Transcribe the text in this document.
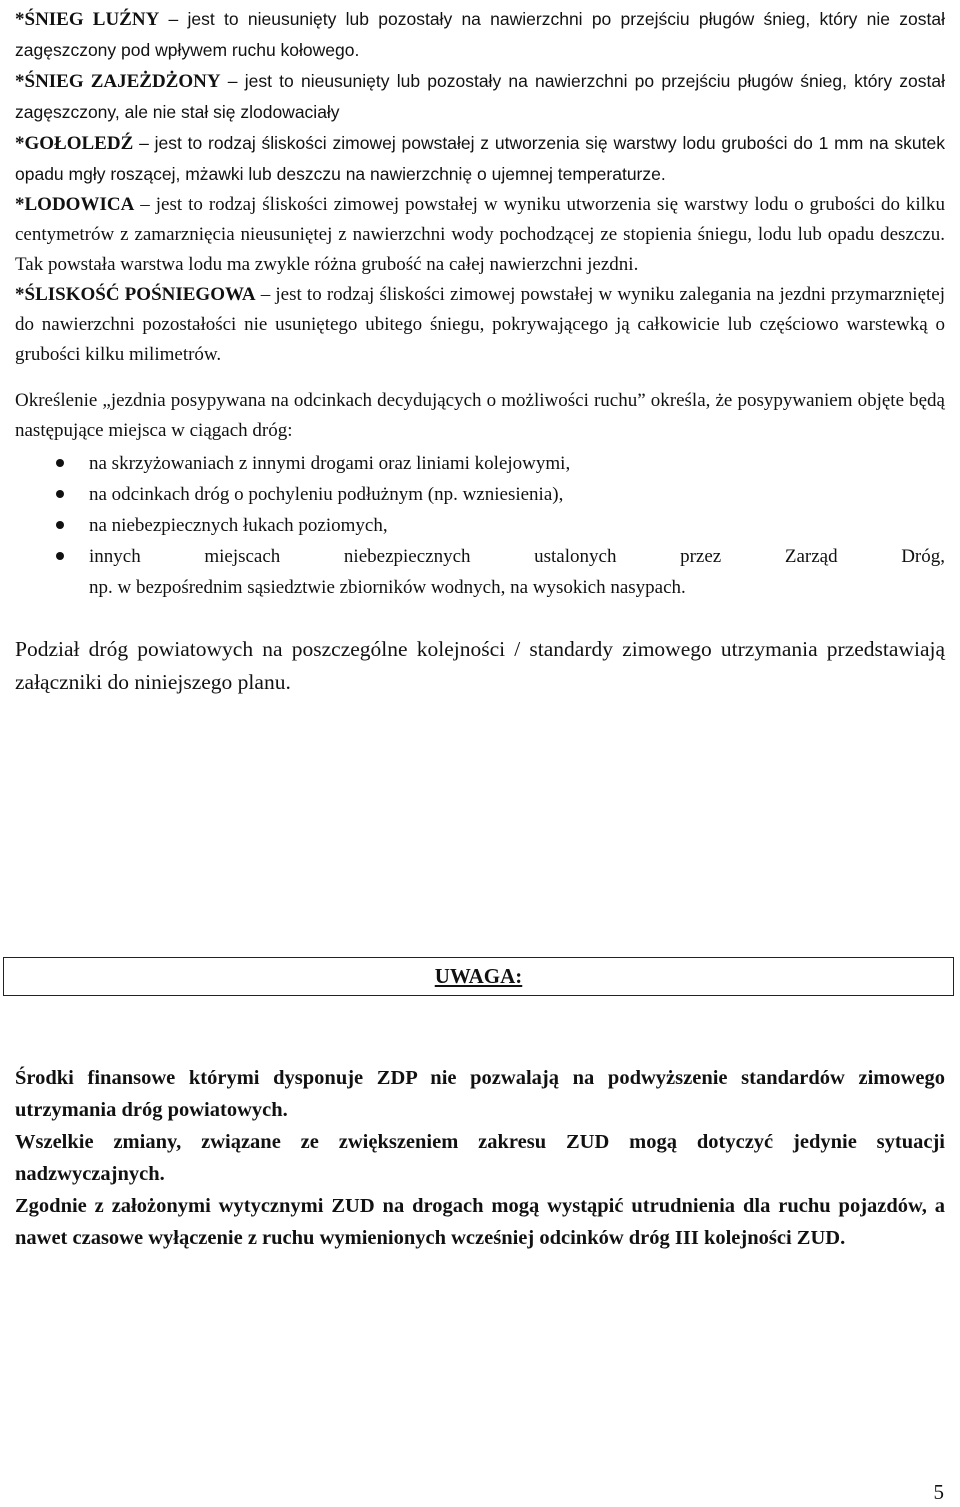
*ŚNIEG LUŹNY – jest to nieusunięty lub pozostały na nawierzchni po przejściu pługów śnieg, który nie został zagęszczony pod wpływem ruchu kołowego.

*ŚNIEG ZAJEŻDŻONY – jest to nieusunięty lub pozostały na nawierzchni po przejściu pługów śnieg, który został zagęszczony, ale nie stał się zlodowaciały

*GOŁOLEDŹ – jest to rodzaj śliskości zimowej powstałej z utworzenia się warstwy lodu grubości do 1 mm na skutek opadu mgły roszącej, mżawki lub deszczu na nawierzchnię o ujemnej temperaturze.

*LODOWICA – jest to rodzaj śliskości zimowej powstałej w wyniku utworzenia się warstwy lodu o grubości do kilku centymetrów z zamarznięcia nieusuniętej z nawierzchni wody pochodzącej ze stopienia śniegu, lodu lub opadu deszczu. Tak powstała warstwa lodu ma zwykle różna grubość na całej nawierzchni jezdni.

*ŚLISKOŚĆ POŚNIEGOWA – jest to rodzaj śliskości zimowej powstałej w wyniku zalegania na jezdni przymarzniętej do nawierzchni pozostałości nie usuniętego ubitego śniegu, pokrywającego ją całkowicie lub częściowo warstewką o grubości kilku milimetrów.

Określenie „jezdnia posypywana na odcinkach decydujących o możliwości ruchu” określa, że posypywaniem objęte będą następujące miejsca w ciągach dróg:

na skrzyżowaniach z innymi drogami oraz liniami kolejowymi,
na odcinkach dróg o pochyleniu podłużnym (np. wzniesienia),
na niebezpiecznych łukach poziomych,
innych miejscach niebezpiecznych ustalonych przez Zarząd Dróg,
np. w bezpośrednim sąsiedztwie zbiorników wodnych, na wysokich nasypach.

Podział dróg powiatowych na poszczególne kolejności / standardy zimowego utrzymania przedstawiają załączniki do niniejszego planu.

UWAGA:

Środki finansowe którymi dysponuje ZDP nie pozwalają na podwyższenie standardów zimowego utrzymania dróg powiatowych.

Wszelkie zmiany, związane ze zwiększeniem zakresu ZUD mogą dotyczyć jedynie sytuacji nadzwyczajnych.

Zgodnie z założonymi wytycznymi ZUD na drogach mogą wystąpić utrudnienia dla ruchu pojazdów, a nawet czasowe wyłączenie z ruchu wymienionych wcześniej odcinków dróg III kolejności ZUD.

5
